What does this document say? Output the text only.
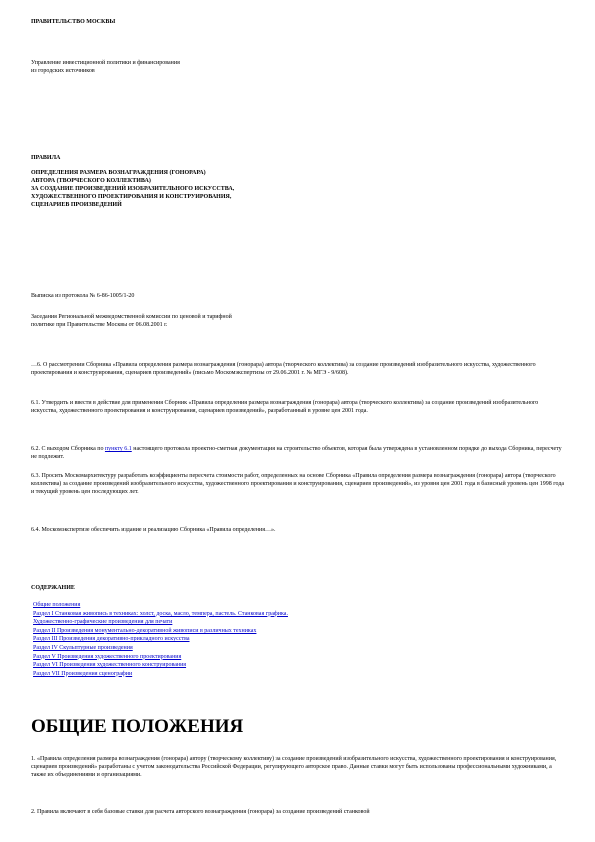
ПРАВИТЕЛЬСТВО МОСКВЫ

Управление инвестиционной политики и финансирования

из городских источников

ПРАВИЛА

ОПРЕДЕЛЕНИЯ РАЗМЕРА ВОЗНАГРАЖДЕНИЯ (ГОНОРАРА)

АВТОРА (ТВОРЧЕСКОГО КОЛЛЕКТИВА)

ЗА СОЗДАНИЕ ПРОИЗВЕДЕНИЙ ИЗОБРАЗИТЕЛЬНОГО ИСКУССТВА,

ХУДОЖЕСТВЕННОГО ПРОЕКТИРОВАНИЯ И КОНСТРУИРОВАНИЯ,

СЦЕНАРИЕВ ПРОИЗВЕДЕНИЙ

Выписка из протокола № 6-86-1005/1-20

Заседания Региональной межведомственной комиссии по ценовой и тарифной

политике при Правительстве Москвы от 06.08.2001 г.

…6. О рассмотрении Сборника «Правила определения размера вознаграждения (гонорара) автора (творческого коллектива) за создание произведений изобразительного искусства, художественного проектирования и конструирования, сценариев произведений» (письмо Москомэкспертизы от 29.06.2001 г. № МГЭ - 9/608).

6.1. Утвердить и ввести в действие для применения Сборник «Правила определения размера вознаграждения (гонорара) автора (творческого коллектива) за создание произведений изобразительного искусства, художественного проектирования и конструирования, сценариев произведений», разработанный в уровне цен 2001 года.

6.2. С выходом Сборника по пункту 6.1 настоящего протокола проектно-сметная документация на строительство объектов, которая была утверждена в установленном порядке до выхода Сборника, пересчету не подлежит.

6.3. Просить Москомархитектуру разработать коэффициенты пересчета стоимости работ, определенных на основе Сборника «Правила определения размера вознаграждения (гонорара) автора (творческого коллектива) за создание произведений изобразительного искусства, художественного проектирования и конструирования, сценариев произведений», из уровня цен 2001 года в базисный уровень цен 1998 года и текущий уровень цен последующих лет.

6.4. Москомэкспертизе обеспечить издание и реализацию Сборника «Правила определения…».

СОДЕРЖАНИЕ

Общие положения
Раздел I Станковая живопись в техниках: холст, доска, масло, темпера, пастель. Станковая графика.
Художественно-графические произведения для печати
Раздел II Произведения монументально-декоративной живописи в различных техниках
Раздел III Произведения декоративно-прикладного искусства
Раздел IV Скульптурные произведения
Раздел V Произведения художественного проектирования
Раздел VI Произведения художественного конструирования
Раздел VII Произведения сценографии
ОБЩИЕ ПОЛОЖЕНИЯ

1. «Правила определения размера вознаграждения (гонорара) автору (творческому коллективу) за создание произведений изобразительного искусства, художественного проектирования и конструирования, сценариев произведений» разработаны с учетом законодательства Российской Федерации, регулирующего авторское право. Данные ставки могут быть использованы профессиональными художниками, а также их объединениями и организациями.

2. Правила включают в себя базовые ставки для расчета авторского вознаграждения (гонорара) за создание произведений станковой
